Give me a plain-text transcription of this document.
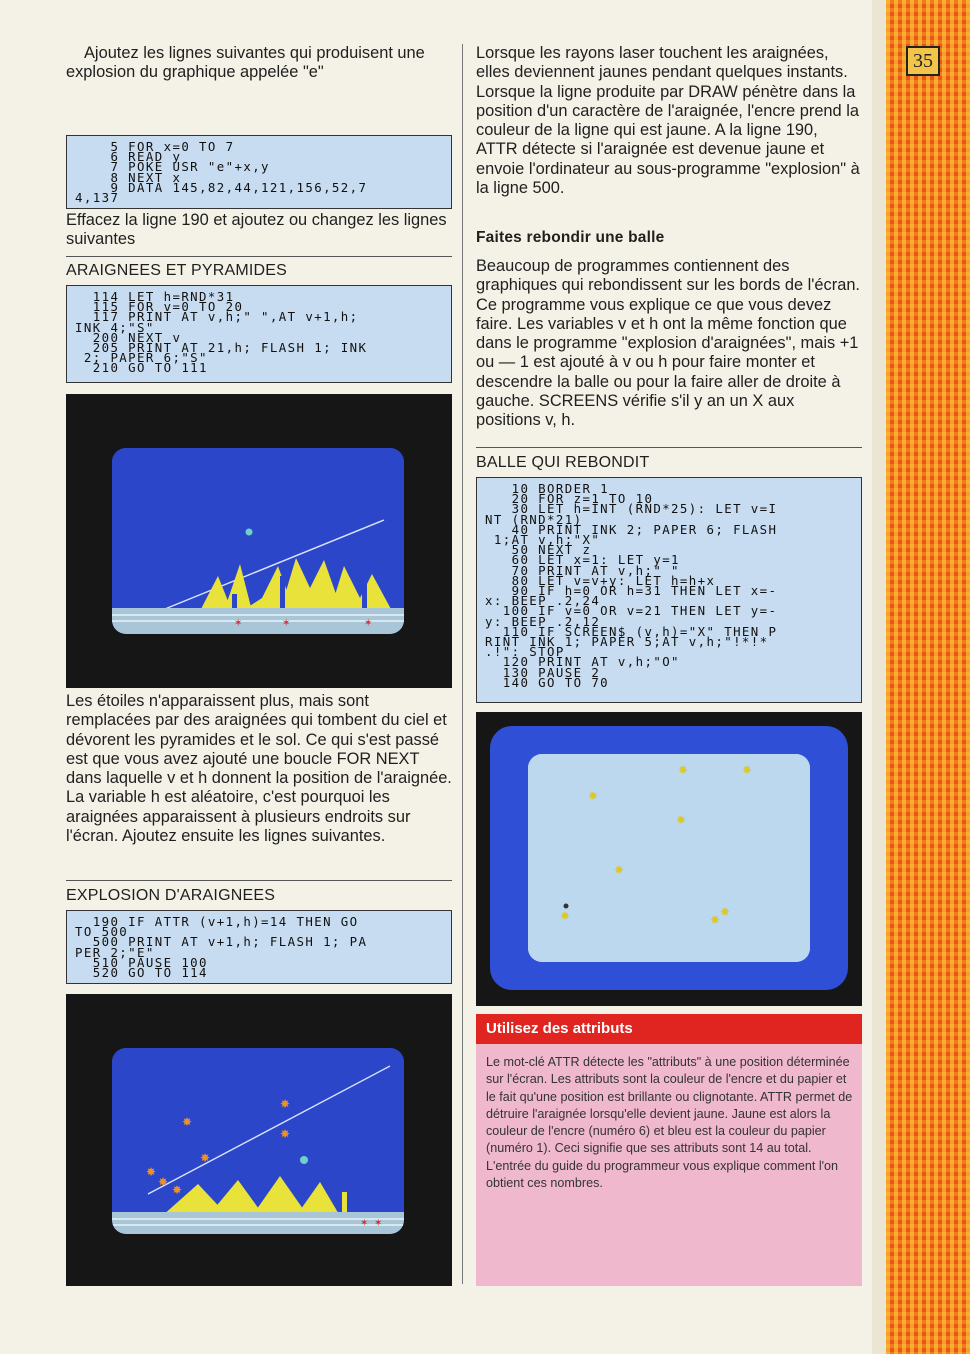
35

Ajoutez les lignes suivantes qui produisent une explosion du graphique appelée "e"

5 FOR x=0 TO 7
6 READ y
7 POKE USR "e"+x,y
8 NEXT x
9 DATA 145,82,44,121,156,52,7
4,137

Effacez la ligne 190 et ajoutez ou changez les lignes suivantes

ARAIGNEES ET PYRAMIDES

114 LET h=RND*31
115 FOR v=0 TO 20
117 PRINT AT v,h;" ",AT v+1,h;
INK 4;"S"
200 NEXT v
205 PRINT AT 21,h; FLASH 1; INK
2; PAPER 6;"S"
210 GO TO 111
✶	✶	✶

Les étoiles n'apparaissent plus, mais sont remplacées par des araignées qui tombent du ciel et dévorent les pyramides et le sol. Ce qui s'est passé est que vous avez ajouté une boucle FOR NEXT dans laquelle v et h donnent la position de l'araignée. La variable h est aléatoire, c'est pourquoi les araignées apparaissent à plusieurs endroits sur l'écran. Ajoutez ensuite les lignes suivantes.

EXPLOSION D'ARAIGNEES

190 IF ATTR (v+1,h)=14 THEN GO
TO 500
500 PRINT AT v+1,h; FLASH 1; PA
PER 2;"E"
510 PAUSE 100
520 GO TO 114
✸
✸
✸
✸
✸
✸
✸
✶ ✶

Lorsque les rayons laser touchent les araignées, elles deviennent jaunes pendant quelques instants. Lorsque la ligne produite par DRAW pénètre dans la position d'un caractère de l'araignée, l'encre prend la couleur de la ligne qui est jaune. A la ligne 190, ATTR détecte si l'araignée est devenue jaune et envoie l'ordinateur au sous-programme "explosion" à la ligne 500.

Faites rebondir une balle

Beaucoup de programmes contiennent des graphiques qui rebondissent sur les bords de l'écran. Ce programme vous explique ce que vous devez faire. Les variables v et h ont la même fonction que dans le programme "explosion d'araignées", mais +1 ou — 1 est ajouté à v ou h pour faire monter et descendre la balle ou pour la faire aller de droite à gauche. SCREENS vérifie s'il y an un X aux positions v, h.

BALLE QUI REBONDIT

10 BORDER 1
20 FOR z=1 TO 10
30 LET h=INT (RND*25): LET v=I
NT (RND*21)
40 PRINT INK 2; PAPER 6; FLASH
1;AT v,h;"X"
50 NEXT z
60 LET x=1: LET y=1
70 PRINT AT v,h;" "
80 LET v=v+y: LET h=h+x
90 IF h=0 OR h=31 THEN LET x=-
x: BEEP .2,24
100 IF v=0 OR v=21 THEN LET y=-
y: BEEP .2,12
110 IF SCREEN$ (v,h)="X" THEN P
RINT INK 1; PAPER 5;AT v,h;"!*!*
.!": STOP
120 PRINT AT v,h;"O"
130 PAUSE 2
140 GO TO 70
✸	✸
✸
✸
✸
✸	✸
✸
Utilisez des attributs

Le mot-clé ATTR détecte les "attributs" à une position déterminée sur l'écran. Les attributs sont la couleur de l'encre et du papier et le fait qu'une position est brillante ou clignotante. ATTR permet de détruire l'araignée lorsqu'elle devient jaune. Jaune est alors la couleur de l'encre (numéro 6) et bleu est la couleur du papier (numéro 1). Ceci signifie que ses attributs sont 14 au total. L'entrée du guide du programmeur vous explique comment l'on obtient ces nombres.
